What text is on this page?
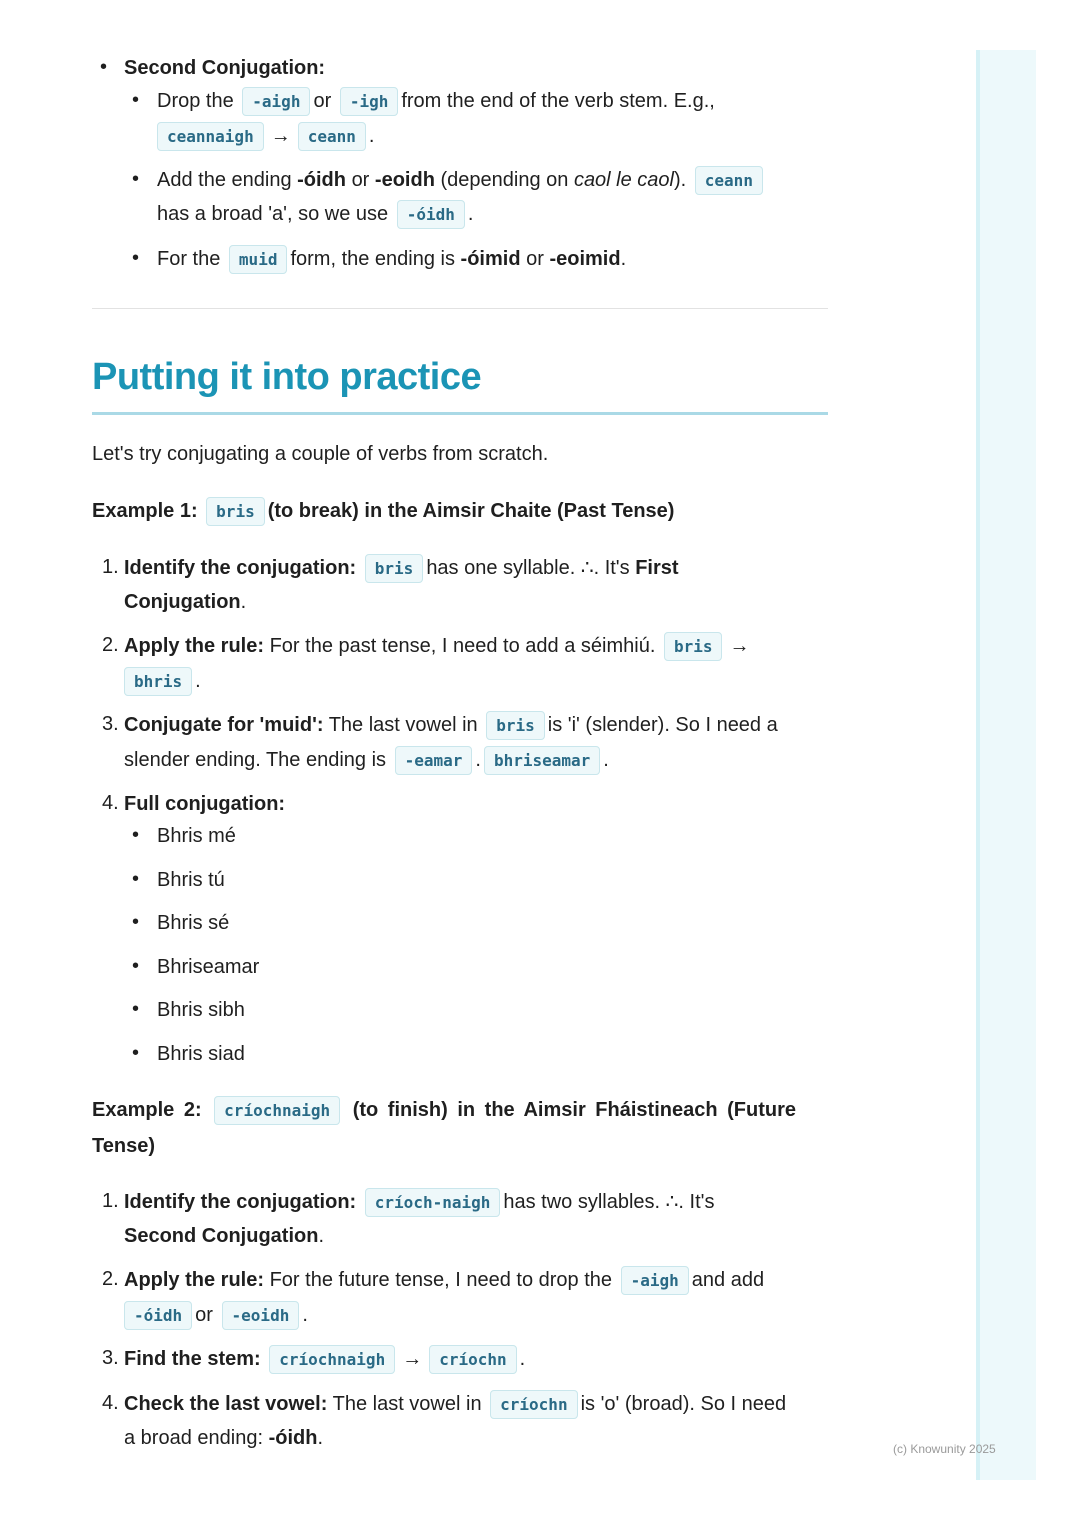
(c) Knowunity 2025
• Second Conjugation:
• Drop the -aigh or -igh from the end of the verb stem. E.g.,
ceannaigh → ceann .
• Add the ending -óidh or -eoidh (depending on caol le caol). ceann
has a broad 'a', so we use -óidh .
• For the muid form, the ending is -óimid or -eoimid.
Putting it into practice
Let's try conjugating a couple of verbs from scratch.
Example 1: bris (to break) in the Aimsir Chaite (Past Tense)
1. Identify the conjugation: bris has one syllable. ∴. It's First
Conjugation.
2. Apply the rule: For the past tense, I need to add a séimhiú. bris →
bhris .
3. Conjugate for 'muid': The last vowel in bris is 'i' (slender). So I need a
slender ending. The ending is -eamar . bhriseamar .
4. Full conjugation:
• Bhris mé
• Bhris tú
• Bhris sé
• Bhriseamar
• Bhris sibh
• Bhris siad
Example 2: críochnaigh (to finish) in the Aimsir Fháistineach (Future
Tense)
1. Identify the conjugation: críoch-naigh has two syllables. ∴. It's
Second Conjugation.
2. Apply the rule: For the future tense, I need to drop the -aigh and add
-óidh or -eoidh .
3. Find the stem: críochnaigh → críochn .
4. Check the last vowel: The last vowel in críochn is 'o' (broad). So I need
a broad ending: -óidh.
